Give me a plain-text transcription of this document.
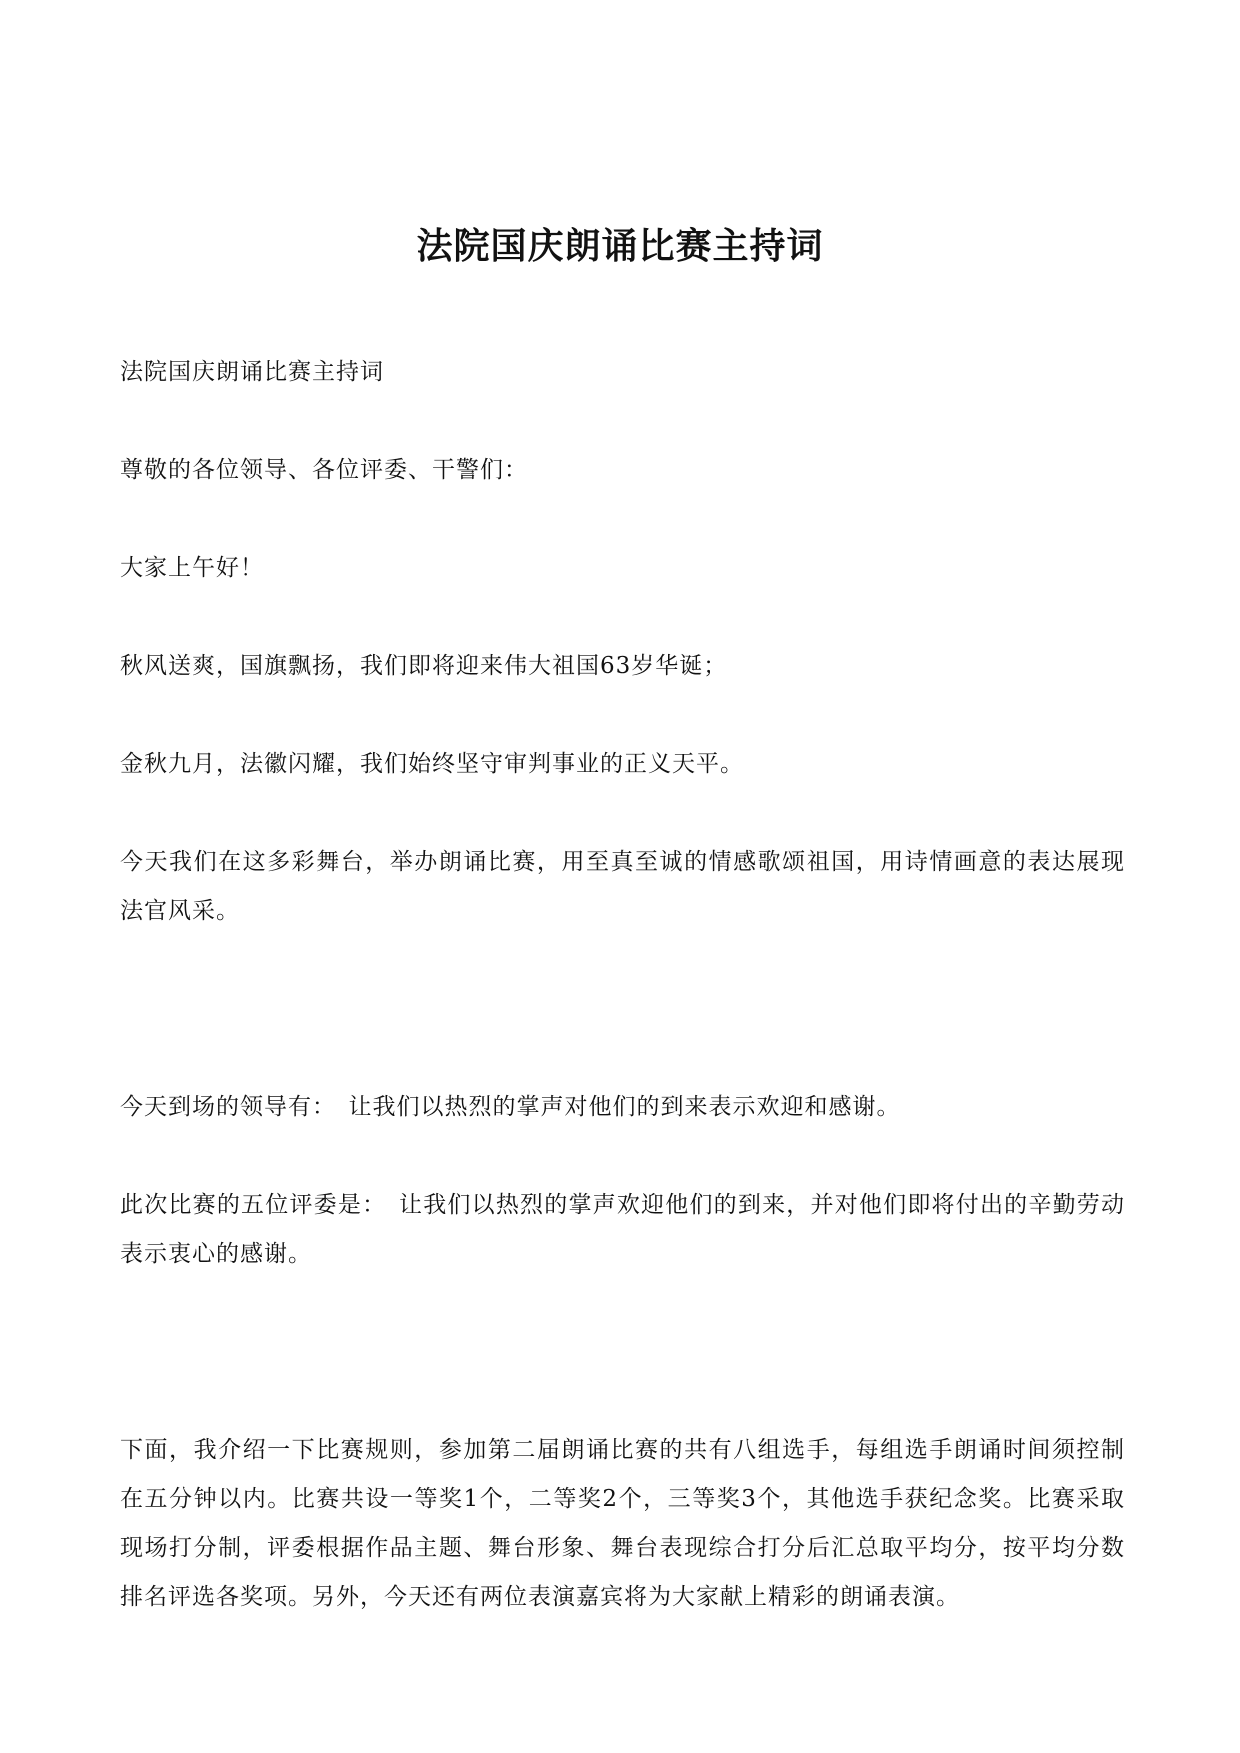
法院国庆朗诵比赛主持词

法院国庆朗诵比赛主持词

尊敬的各位领导、各位评委、干警们：

大家上午好！

秋风送爽，国旗飘扬，我们即将迎来伟大祖国63岁华诞；

金秋九月，法徽闪耀，我们始终坚守审判事业的正义天平。

今天我们在这多彩舞台，举办朗诵比赛，用至真至诚的情感歌颂祖国，用诗情画意的表达展现法官风采。

今天到场的领导有：　让我们以热烈的掌声对他们的到来表示欢迎和感谢。

此次比赛的五位评委是：　让我们以热烈的掌声欢迎他们的到来，并对他们即将付出的辛勤劳动表示衷心的感谢。

下面，我介绍一下比赛规则，参加第二届朗诵比赛的共有八组选手，每组选手朗诵时间须控制在五分钟以内。比赛共设一等奖1个，二等奖2个，三等奖3个，其他选手获纪念奖。比赛采取现场打分制，评委根据作品主题、舞台形象、舞台表现综合打分后汇总取平均分，按平均分数排名评选各奖项。另外，今天还有两位表演嘉宾将为大家献上精彩的朗诵表演。
